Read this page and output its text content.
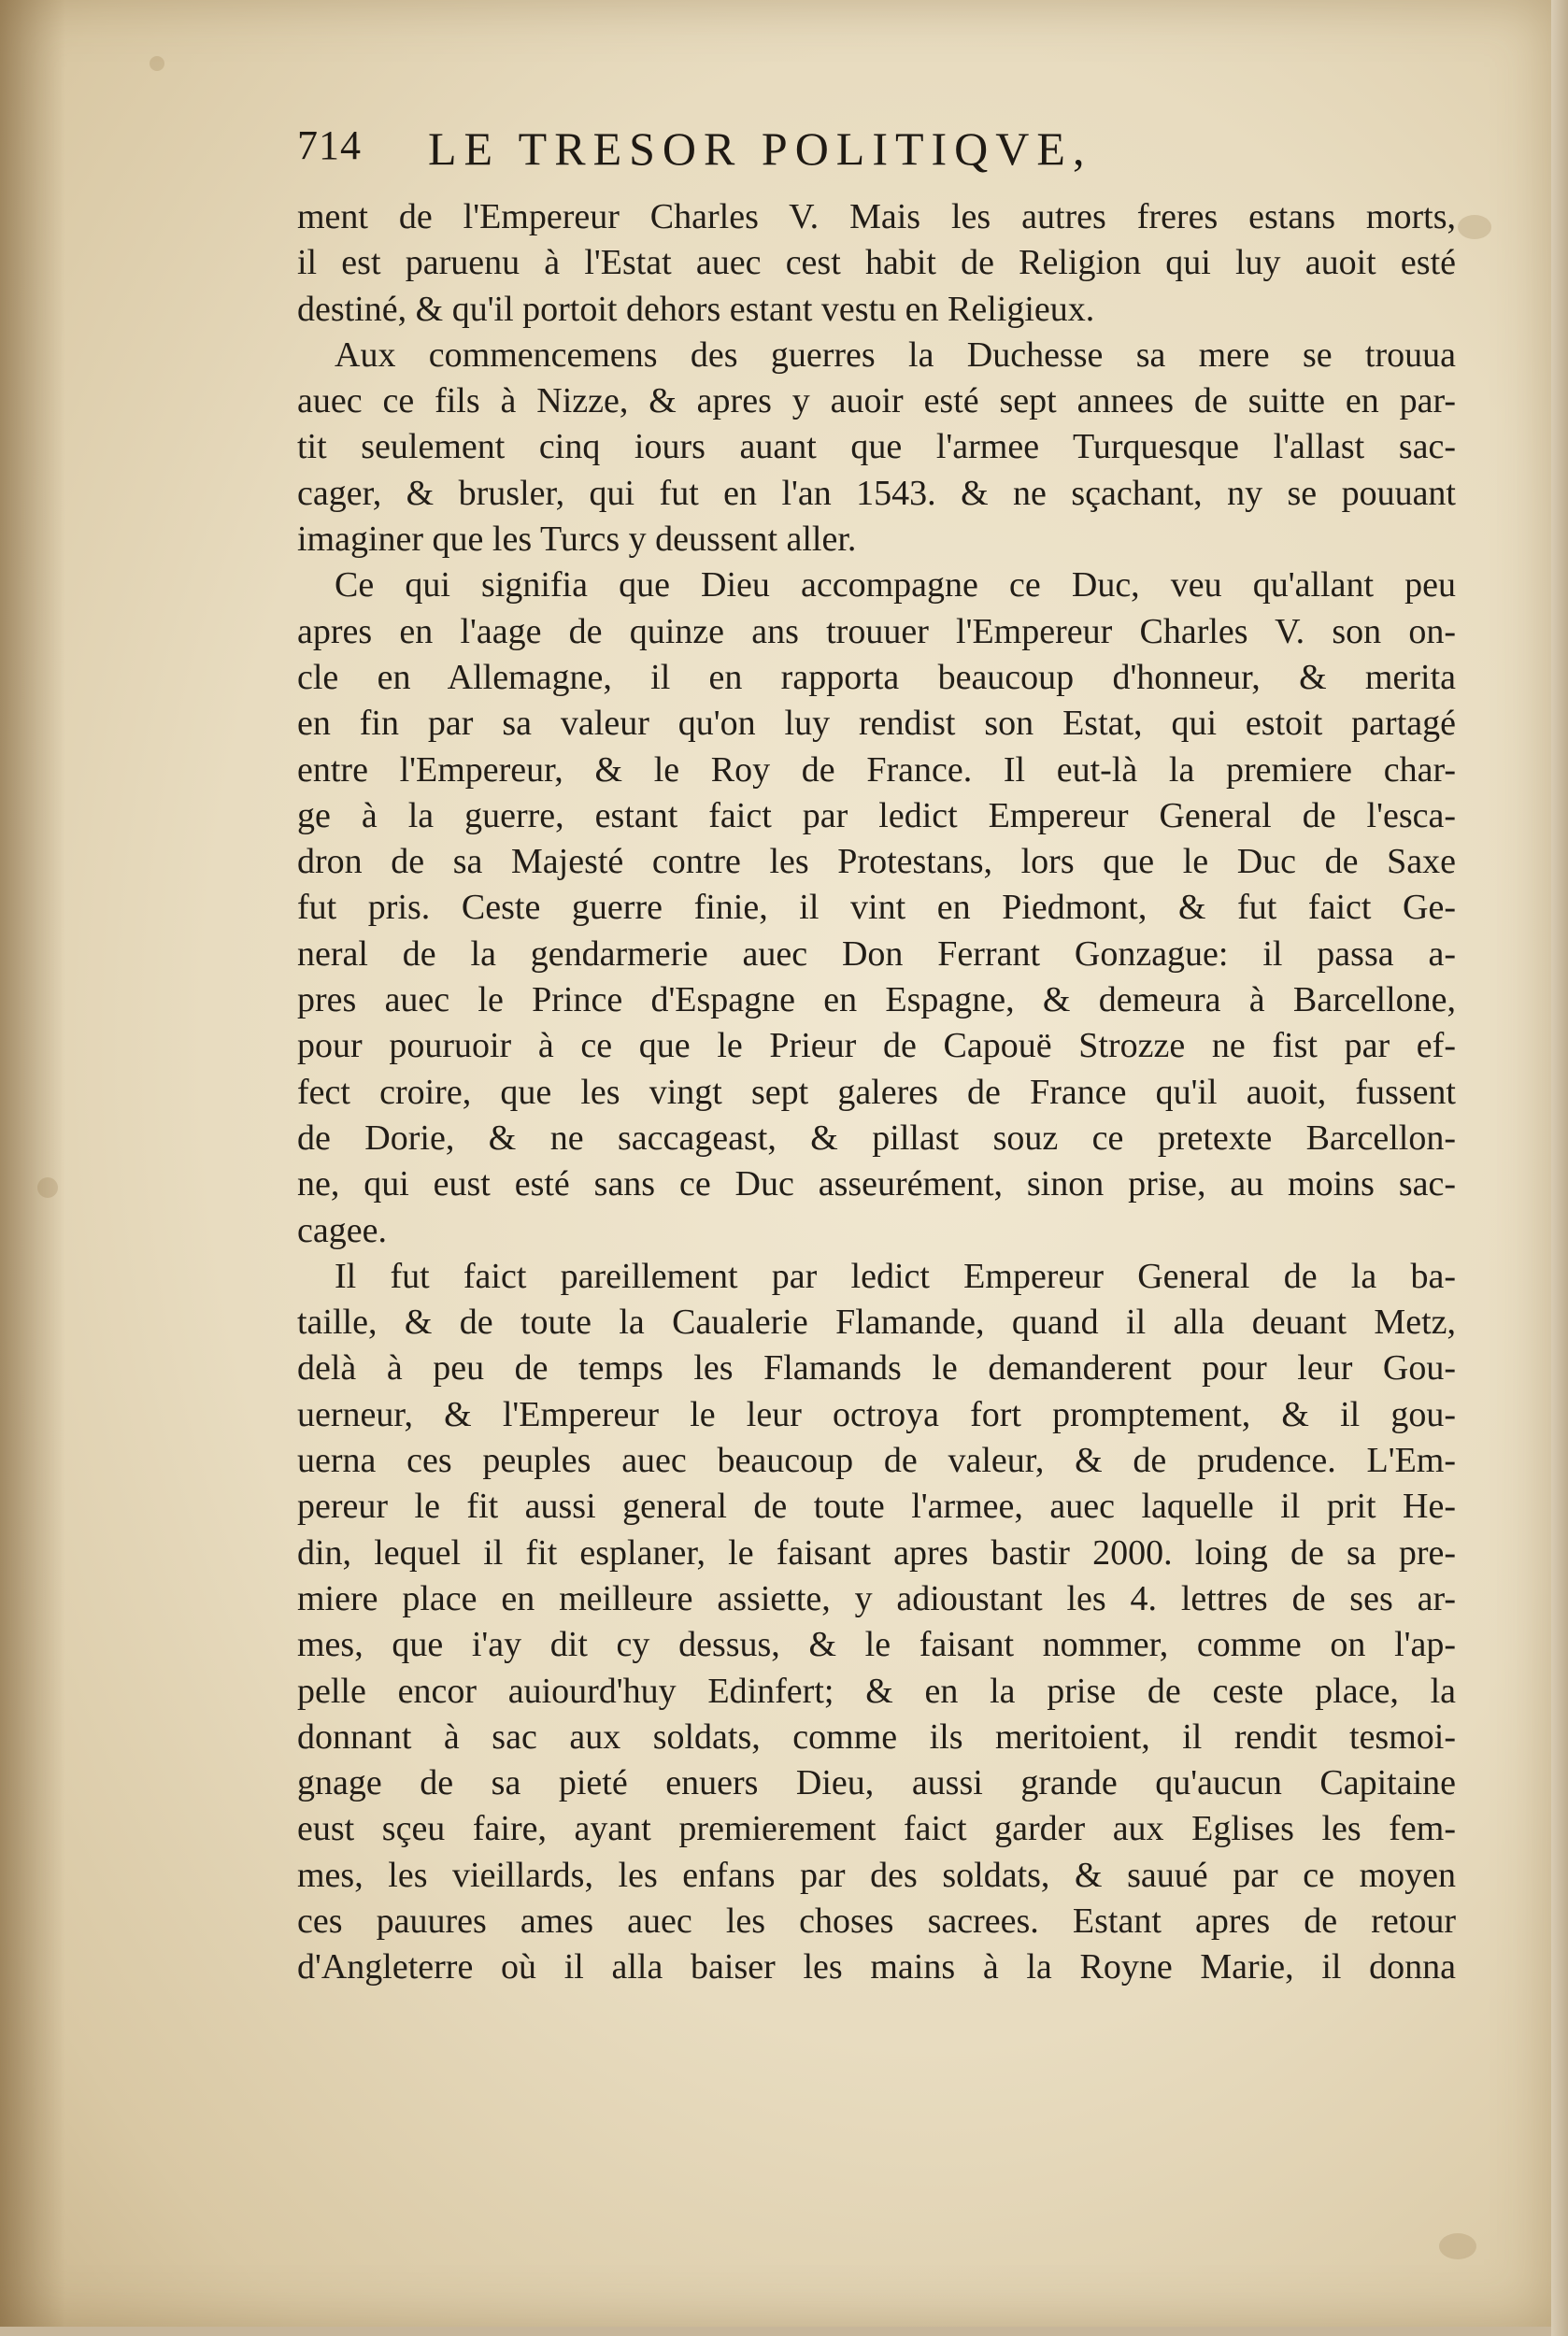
714 LE TRESOR POLITIQVE,
ment de l'Empereur Charles V. Mais les autres freres estans morts,
il est paruenu à l'Estat auec cest habit de Religion qui luy auoit esté
destiné, & qu'il portoit dehors estant vestu en Religieux.
Aux commencemens des guerres la Duchesse sa mere se trouua
auec ce fils à Nizze, & apres y auoir esté sept annees de suitte en par-
tit seulement cinq iours auant que l'armee Turquesque l'allast sac-
cager, & brusler, qui fut en l'an 1543. & ne sçachant, ny se pouuant
imaginer que les Turcs y deussent aller.
Ce qui signifia que Dieu accompagne ce Duc, veu qu'allant peu
apres en l'aage de quinze ans trouuer l'Empereur Charles V. son on-
cle en Allemagne, il en rapporta beaucoup d'honneur, & merita
en fin par sa valeur qu'on luy rendist son Estat, qui estoit partagé
entre l'Empereur, & le Roy de France. Il eut-là la premiere char-
ge à la guerre, estant faict par ledict Empereur General de l'esca-
dron de sa Majesté contre les Protestans, lors que le Duc de Saxe
fut pris. Ceste guerre finie, il vint en Piedmont, & fut faict Ge-
neral de la gendarmerie auec Don Ferrant Gonzague: il passa a-
pres auec le Prince d'Espagne en Espagne, & demeura à Barcellone,
pour pouruoir à ce que le Prieur de Capouë Strozze ne fist par ef-
fect croire, que les vingt sept galeres de France qu'il auoit, fussent
de Dorie, & ne saccageast, & pillast souz ce pretexte Barcellon-
ne, qui eust esté sans ce Duc asseurément, sinon prise, au moins sac-
cagee.
Il fut faict pareillement par ledict Empereur General de la ba-
taille, & de toute la Caualerie Flamande, quand il alla deuant Metz,
delà à peu de temps les Flamands le demanderent pour leur Gou-
uerneur, & l'Empereur le leur octroya fort promptement, & il gou-
uerna ces peuples auec beaucoup de valeur, & de prudence. L'Em-
pereur le fit aussi general de toute l'armee, auec laquelle il prit He-
din, lequel il fit esplaner, le faisant apres bastir 2000. loing de sa pre-
miere place en meilleure assiette, y adioustant les 4. lettres de ses ar-
mes, que i'ay dit cy dessus, & le faisant nommer, comme on l'ap-
pelle encor auiourd'huy Edinfert; & en la prise de ceste place, la
donnant à sac aux soldats, comme ils meritoient, il rendit tesmoi-
gnage de sa pieté enuers Dieu, aussi grande qu'aucun Capitaine
eust sçeu faire, ayant premierement faict garder aux Eglises les fem-
mes, les vieillards, les enfans par des soldats, & sauué par ce moyen
ces pauures ames auec les choses sacrees. Estant apres de retour
d'Angleterre où il alla baiser les mains à la Royne Marie, il donna
